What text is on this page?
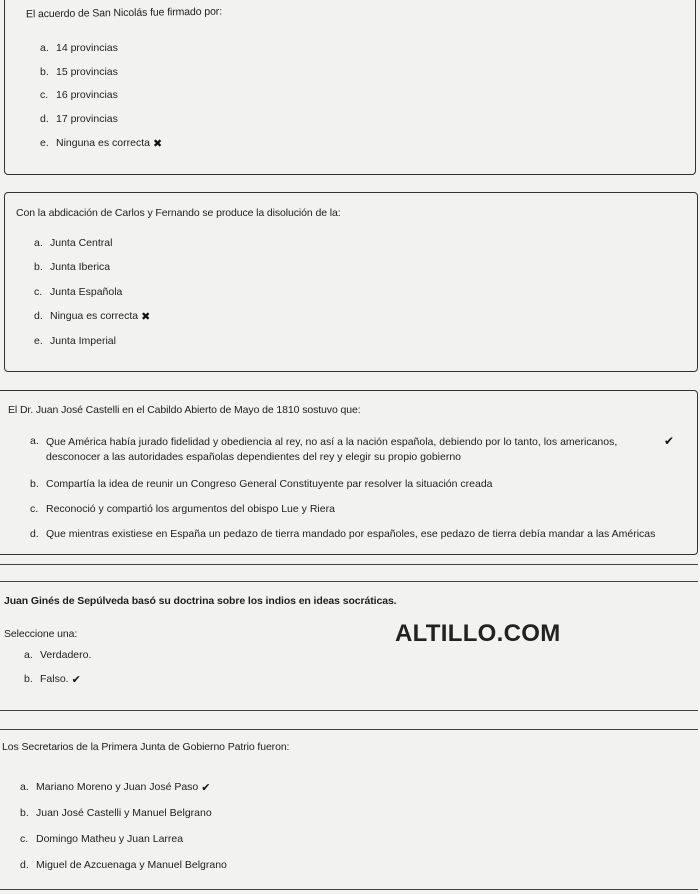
El acuerdo de San Nicolás fue firmado por:
a. 14 provincias
b. 15 provincias
c. 16 provincias
d. 17 provincias
e. Ninguna es correcta ✖
Con la abdicación de Carlos y Fernando se produce la disolución de la:
a. Junta Central
b. Junta Iberica
c. Junta Española
d. Ningua es correcta ✖
e. Junta Imperial
El Dr. Juan José Castelli en el Cabildo Abierto de Mayo de 1810 sostuvo que:
a. Que América había jurado fidelidad y obediencia al rey, no así a la nación española, debiendo por lo tanto, los americanos, desconocer a las autoridades españolas dependientes del rey y elegir su propio gobierno
✔
b. Compartía la idea de reunir un Congreso General Constituyente par resolver la situación creada
c. Reconoció y compartió los argumentos del obispo Lue y Riera
d. Que mientras existiese en España un pedazo de tierra mandado por españoles, ese pedazo de tierra debía mandar a las Américas
Juan Ginés de Sepúlveda basó su doctrina sobre los indios en ideas socráticas.
Seleccione una:
a. Verdadero.
b. Falso. ✔
ALTILLO.COM
Los Secretarios de la Primera Junta de Gobierno Patrio fueron:
a. Mariano Moreno y Juan José Paso ✔
b. Juan José Castelli y Manuel Belgrano
c. Domingo Matheu y Juan Larrea
d. Miguel de Azcuenaga y Manuel Belgrano
